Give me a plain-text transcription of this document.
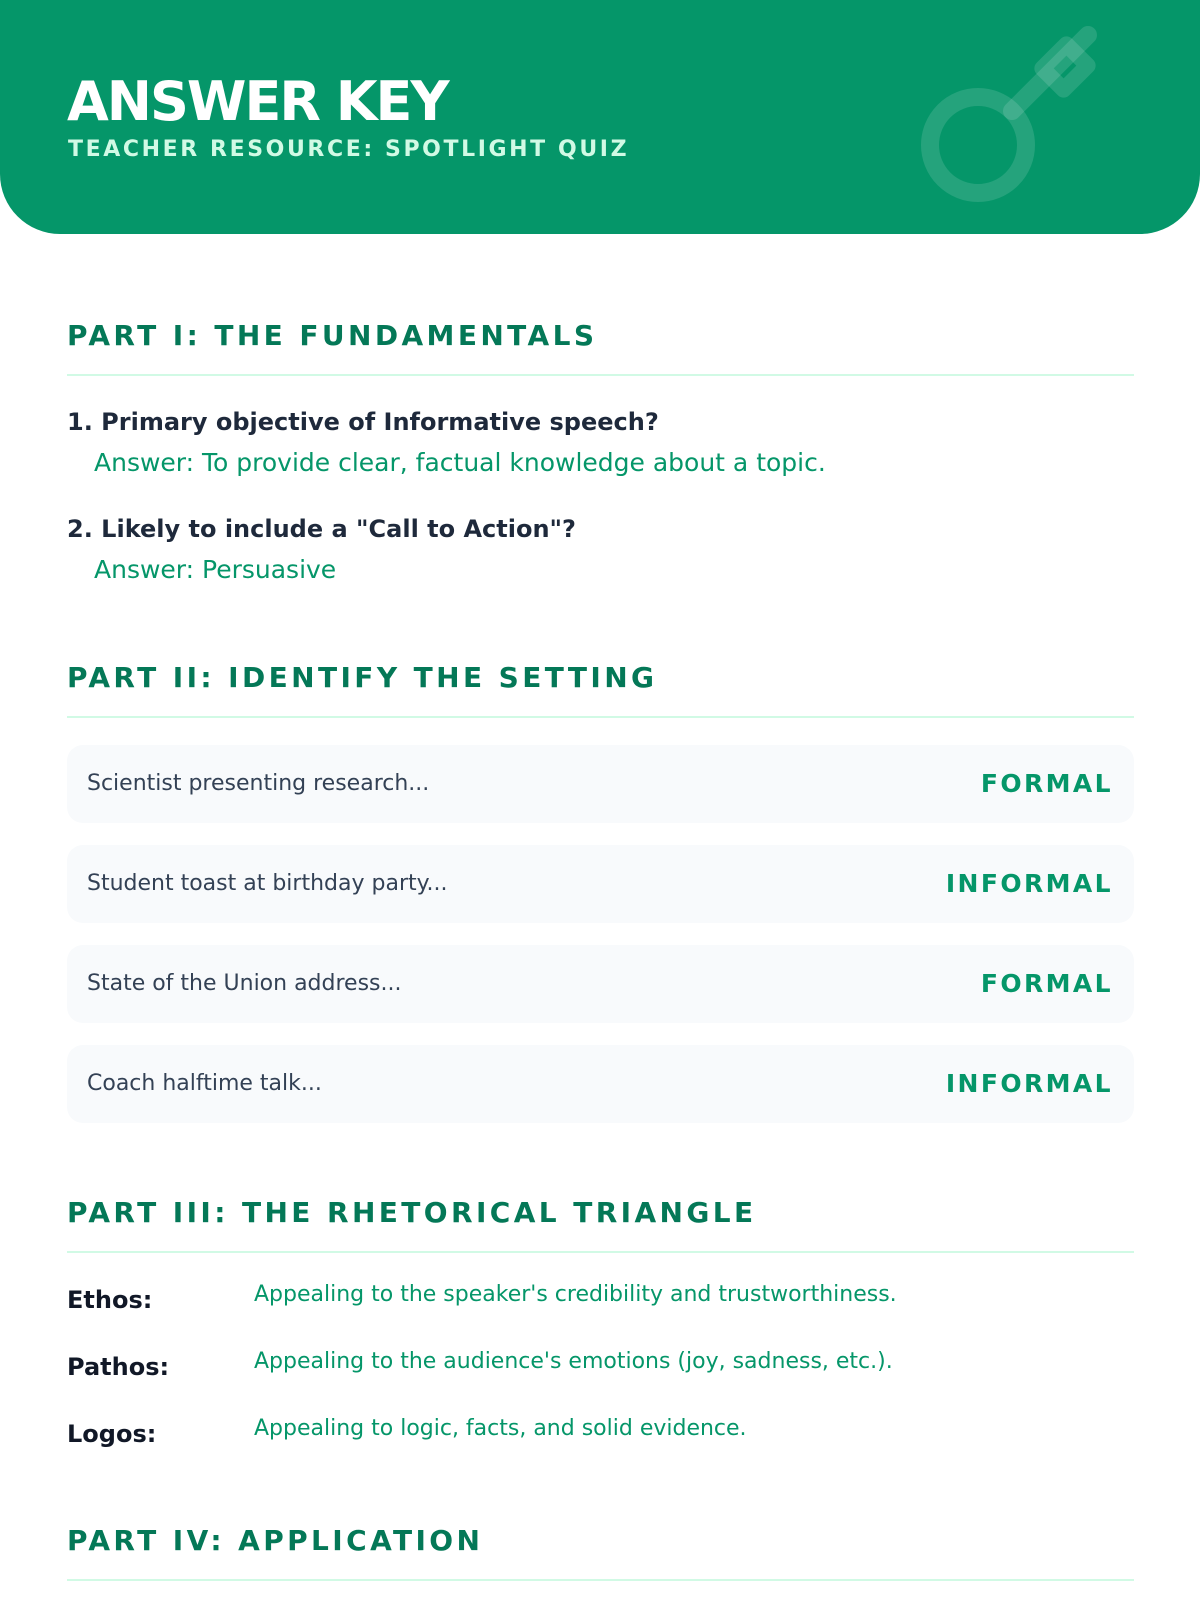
ANSWER KEY
TEACHER RESOURCE: SPOTLIGHT QUIZ
PART I: THE FUNDAMENTALS
1. Primary objective of Informative speech?
Answer: To provide clear, factual knowledge about a topic.
2. Likely to include a "Call to Action"?
Answer: Persuasive
PART II: IDENTIFY THE SETTING
Scientist presenting research...	FORMAL
Student toast at birthday party...	INFORMAL
State of the Union address...	FORMAL
Coach halftime talk...	INFORMAL
PART III: THE RHETORICAL TRIANGLE
Ethos:	Appealing to the speaker's credibility and trustworthiness.
Pathos:	Appealing to the audience's emotions (joy, sadness, etc.).
Logos:	Appealing to logic, facts, and solid evidence.
PART IV: APPLICATION
